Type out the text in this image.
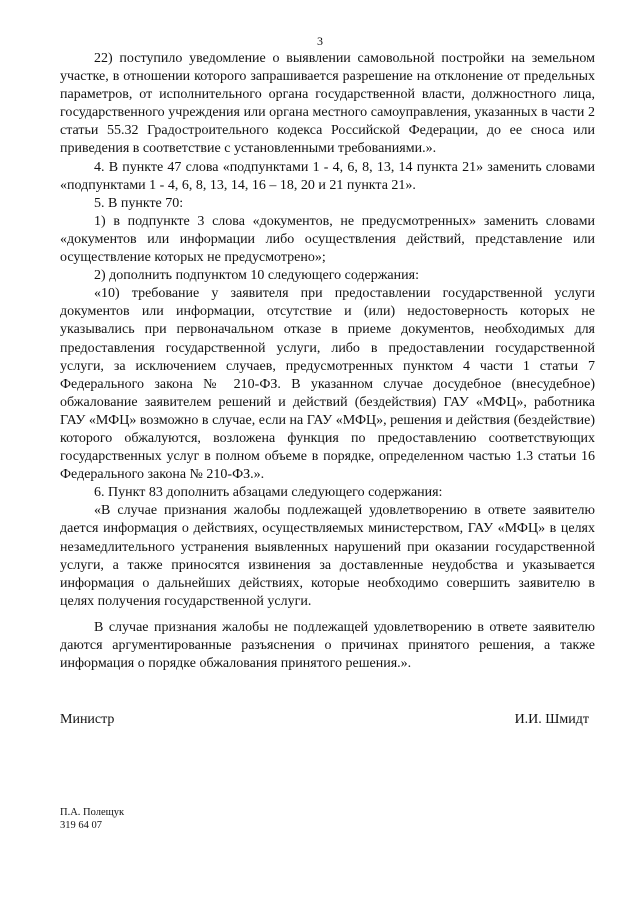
3

22) поступило уведомление о выявлении самовольной постройки на земельном участке, в отношении которого запрашивается разрешение на отклонение от предельных параметров, от исполнительного органа государственной власти, должностного лица, государственного учреждения или органа местного самоуправления, указанных в части 2 статьи 55.32 Градостроительного кодекса Российской Федерации, до ее сноса или приведения в соответствие с установленными требованиями.».

4. В пункте 47 слова «подпунктами 1 - 4, 6, 8, 13, 14 пункта 21» заменить словами «подпунктами 1 - 4, 6, 8, 13, 14, 16 – 18, 20 и 21 пункта 21».

5. В пункте 70:

1) в подпункте 3 слова «документов, не предусмотренных» заменить словами «документов или информации либо осуществления действий, представление или осуществление которых не предусмотрено»;

2) дополнить подпунктом 10 следующего содержания:

«10) требование у заявителя при предоставлении государственной услуги документов или информации, отсутствие и (или) недостоверность которых не указывались при первоначальном отказе в приеме документов, необходимых для предоставления государственной услуги, либо в предоставлении государственной услуги, за исключением случаев, предусмотренных пунктом 4 части 1 статьи 7 Федерального закона № 210-ФЗ. В указанном случае досудебное (внесудебное) обжалование заявителем решений и действий (бездействия) ГАУ «МФЦ», работника ГАУ «МФЦ» возможно в случае, если на ГАУ «МФЦ», решения и действия (бездействие) которого обжалуются, возложена функция по предоставлению соответствующих государственных услуг в полном объеме в порядке, определенном частью 1.3 статьи 16 Федерального закона № 210-ФЗ.».

6. Пункт 83 дополнить абзацами следующего содержания:

«В случае признания жалобы подлежащей удовлетворению в ответе заявителю дается информация о действиях, осуществляемых министерством, ГАУ «МФЦ» в целях незамедлительного устранения выявленных нарушений при оказании государственной услуги, а также приносятся извинения за доставленные неудобства и указывается информация о дальнейших действиях, которые необходимо совершить заявителю в целях получения государственной услуги.

В случае признания жалобы не подлежащей удовлетворению в ответе заявителю даются аргументированные разъяснения о причинах принятого решения, а также информация о порядке обжалования принятого решения.».

Министр	И.И. Шмидт
П.А. Полещук
319 64 07
